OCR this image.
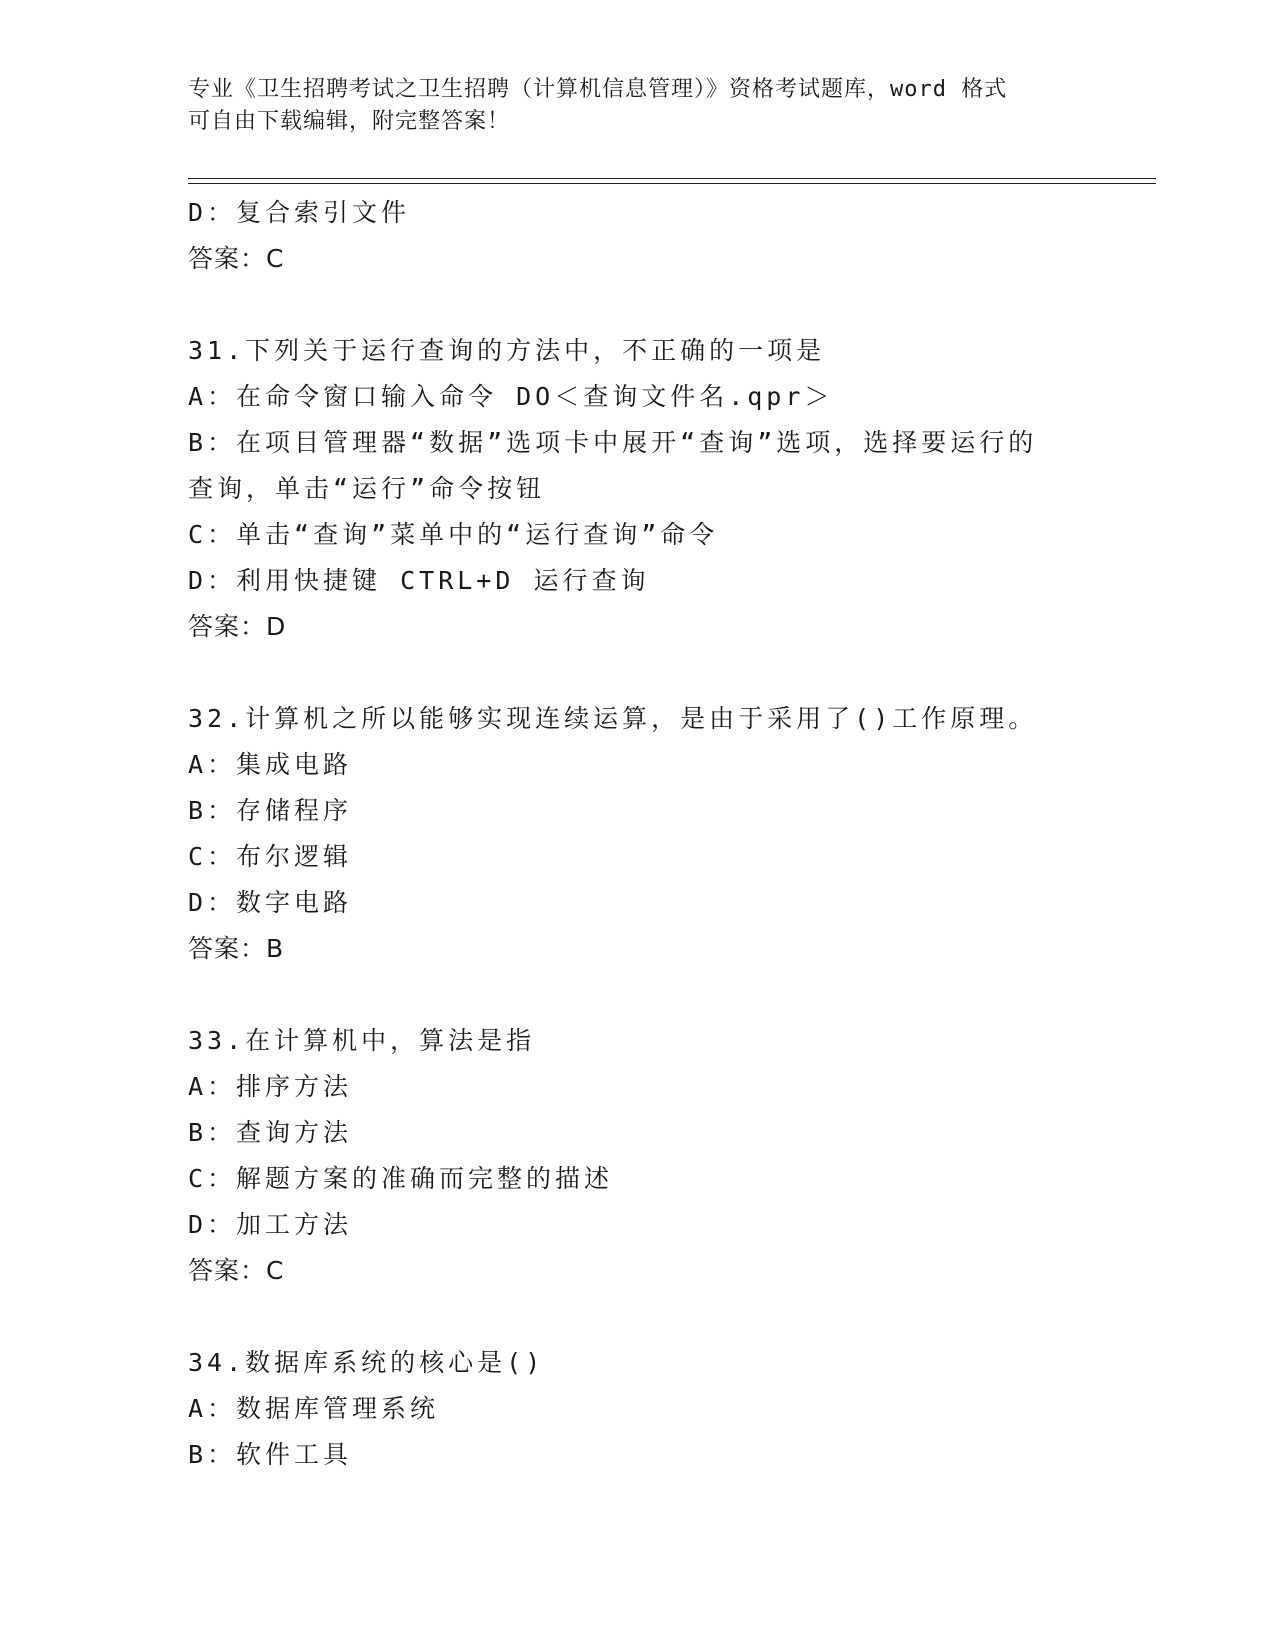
专业《卫生招聘考试之卫生招聘（计算机信息管理）》资格考试题库，word 格式
可自由下载编辑，附完整答案！
D：复合索引文件
答案：C
31.下列关于运行查询的方法中，不正确的一项是
A：在命令窗口输入命令 DO＜查询文件名.qpr＞
B：在项目管理器“数据”选项卡中展开“查询”选项，选择要运行的
查询，单击“运行”命令按钮
C：单击“查询”菜单中的“运行查询”命令
D：利用快捷键 CTRL+D 运行查询
答案：D
32.计算机之所以能够实现连续运算，是由于采用了()工作原理。
A：集成电路
B：存储程序
C：布尔逻辑
D：数字电路
答案：B
33.在计算机中，算法是指
A：排序方法
B：查询方法
C：解题方案的准确而完整的描述
D：加工方法
答案：C
34.数据库系统的核心是()
A：数据库管理系统
B：软件工具
